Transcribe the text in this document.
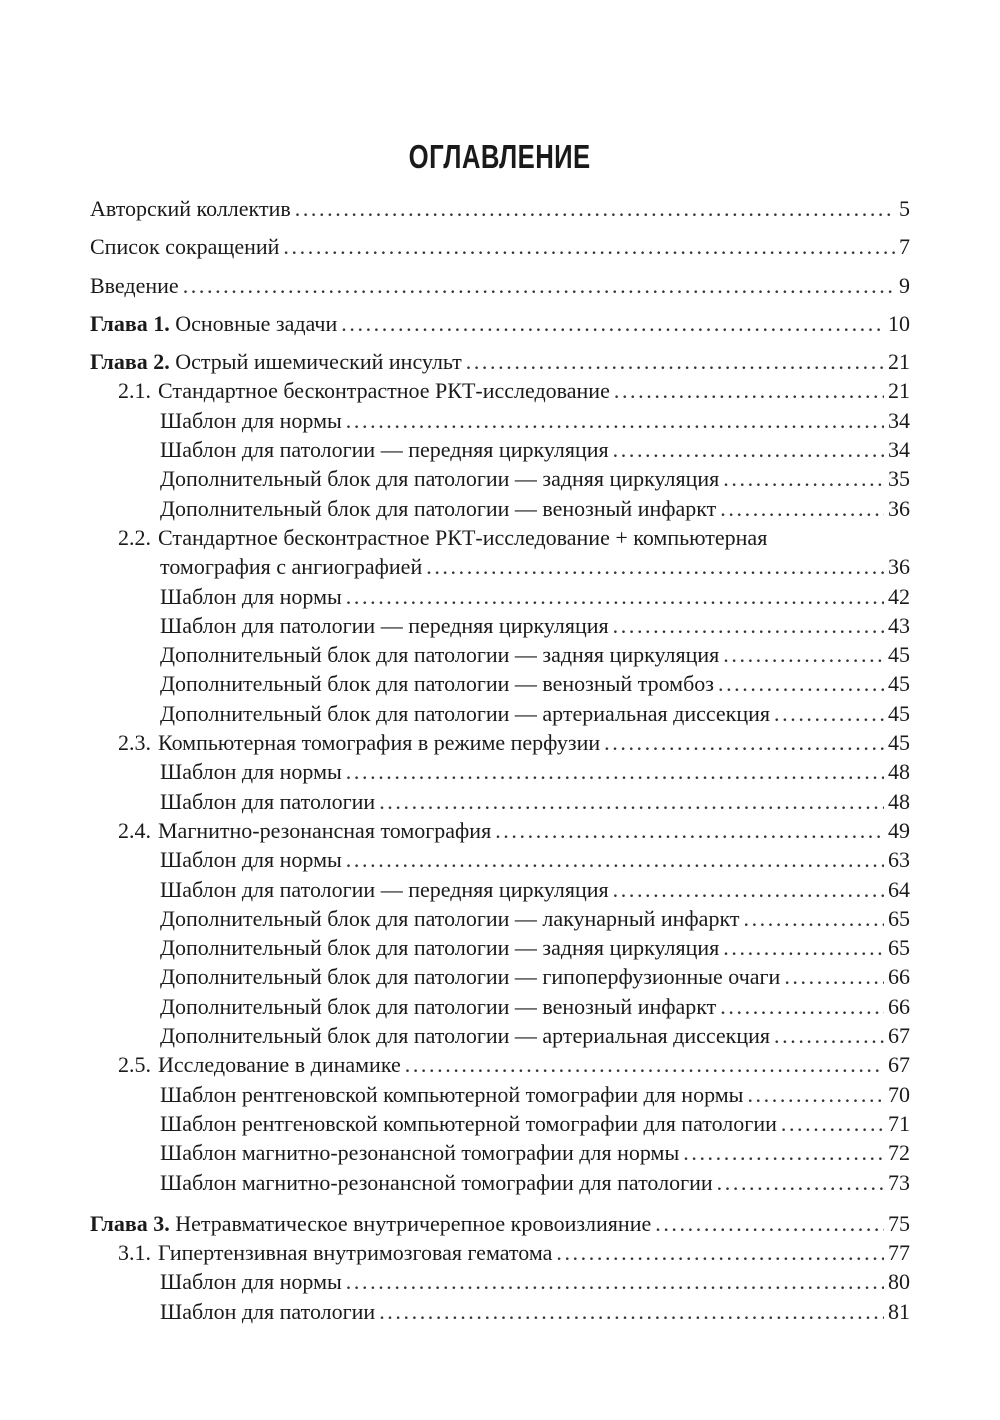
ОГЛАВЛЕНИЕ
Авторский коллектив .....	5
Список сокращений .....	7
Введение .....	9
Глава 1. Основные задачи .....	10
Глава 2. Острый ишемический инсульт .....	21
2.1. Стандартное бесконтрастное РКТ-исследование .....	21
Шаблон для нормы .....	34
Шаблон для патологии — передняя циркуляция .....	34
Дополнительный блок для патологии — задняя циркуляция .....	35
Дополнительный блок для патологии — венозный инфаркт .....	36
2.2. Стандартное бесконтрастное РКТ-исследование + компьютерная
томография с ангиографией .....	36
Шаблон для нормы .....	42
Шаблон для патологии — передняя циркуляция .....	43
Дополнительный блок для патологии — задняя циркуляция .....	45
Дополнительный блок для патологии — венозный тромбоз .....	45
Дополнительный блок для патологии — артериальная диссекция .....	45
2.3. Компьютерная томография в режиме перфузии .....	45
Шаблон для нормы .....	48
Шаблон для патологии .....	48
2.4. Магнитно-резонансная томография .....	49
Шаблон для нормы .....	63
Шаблон для патологии — передняя циркуляция .....	64
Дополнительный блок для патологии — лакунарный инфаркт .....	65
Дополнительный блок для патологии — задняя циркуляция .....	65
Дополнительный блок для патологии — гипоперфузионные очаги .....	66
Дополнительный блок для патологии — венозный инфаркт .....	66
Дополнительный блок для патологии — артериальная диссекция .....	67
2.5. Исследование в динамике .....	67
Шаблон рентгеновской компьютерной томографии для нормы .....	70
Шаблон рентгеновской компьютерной томографии для патологии .....	71
Шаблон магнитно-резонансной томографии для нормы .....	72
Шаблон магнитно-резонансной томографии для патологии .....	73
Глава 3. Нетравматическое внутричерепное кровоизлияние .....	75
3.1. Гипертензивная внутримозговая гематома .....	77
Шаблон для нормы .....	80
Шаблон для патологии .....	81
